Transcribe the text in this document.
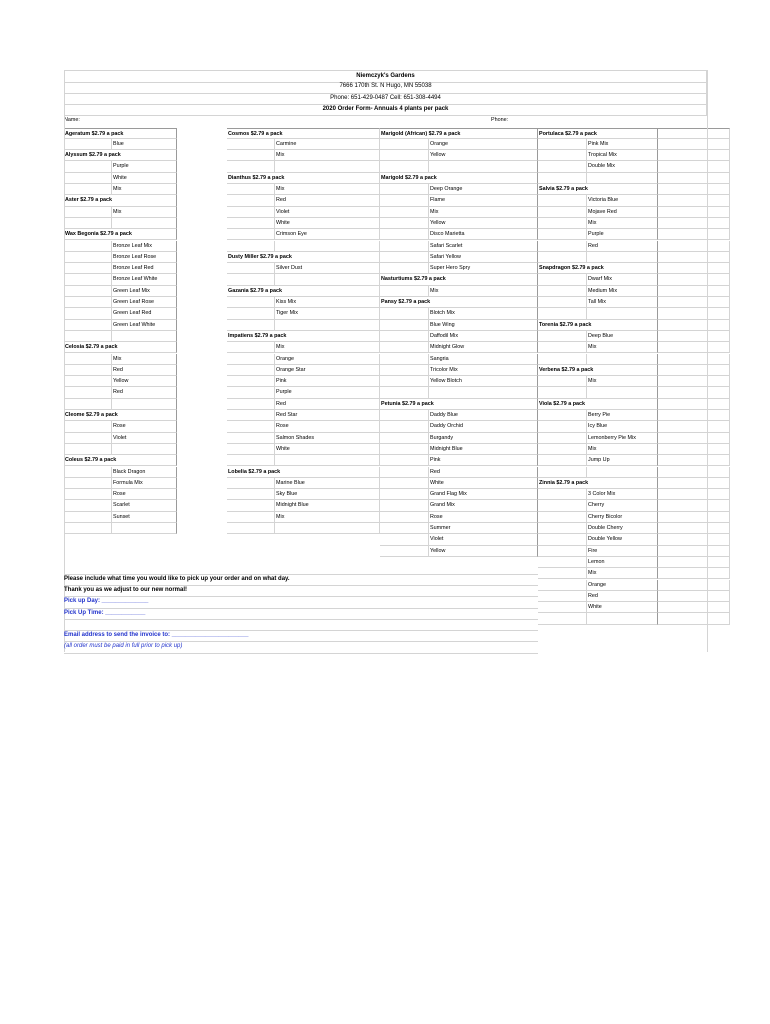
Niemczyk's Gardens
7666 170th St. N Hugo, MN 55038
Phone: 651-429-0487 Cell: 651-308-4494
2020 Order Form- Annuals 4 plants per pack
Name:	Phone:
Ageratum $2.79 a pack
Blue
Alyssum $2.79 a pack
Purple
White
Mix
Aster $2.79 a pack
Mix
Wax Begonia $2.79 a pack
Bronze Leaf Mix
Bronze Leaf Rose
Bronze Leaf Red
Bronze Leaf White
Green Leaf Mix
Green Leaf Rose
Green Leaf Red
Green Leaf White
Celosia $2.79 a pack
Mix
Red
Yellow
Red
Cleome $2.79 a pack
Rose
Violet
Coleus $2.79 a pack
Black Dragon
Formula Mix
Rose
Scarlet
Sunset
Cosmos $2.79 a pack
Carmine
Mix
Dianthus $2.79 a pack
Mix
Red
Violet
White
Crimson Eye
Dusty Miller $2.79 a pack
Silver Dust
Gazania $2.79 a pack
Kiss Mix
Tiger Mix
Impatiens $2.79 a pack
Mix
Orange
Orange Star
Pink
Purple
Red
Red Star
Rose
Salmon Shades
White
Lobelia $2.79 a pack
Marine Blue
Sky Blue
Midnight Blue
Mix
Marigold (African) $2.79 a pack
Orange
Yellow
Marigold $2.79 a pack
Deep Orange
Flame
Mix
Yellow
Disco Marietta
Safari Scarlet
Safari Yellow
Super Hero Spry
Nasturtiums $2.79 a pack
Mix
Pansy $2.79 a pack
Blotch Mix
Blue Wing
Daffodil Mix
Midnight Glow
Sangria
Tricolor Mix
Yellow Blotch
Petunia $2.79 a pack
Daddy Blue
Daddy Orchid
Burgandy
Midnight Blue
Pink
Red
White
Grand Flag Mix
Grand Mix
Rose
Summer
Violet
Yellow
Portulaca $2.79 a pack
Pink Mix
Tropical Mix
Double Mix
Salvia $2.79 a pack
Victoria Blue
Mojave Red
Mix
Purple
Red
Snapdragon $2.79 a pack
Dwarf Mix
Medium Mix
Tall Mix
Torenia $2.79 a pack
Deep Blue
Mix
Verbena $2.79 a pack
Mix
Viola $2.79 a pack
Berry Pie
Icy Blue
Lemonberry Pie Mix
Mix
Jump Up
Zinnia $2.79 a pack
3 Color Mix
Cherry
Cherry Bicolor
Double Cherry
Double Yellow
Fire
Lemon
Mix
Orange
Red
White
Please include what time you would like to pick up your order and on what day.
Thank you as we adjust to our new normal!
Pick up Day: ______________
Pick Up Time: ____________
Email address to send the invoice to: _______________________
(all order must be paid in full prior to pick up)
